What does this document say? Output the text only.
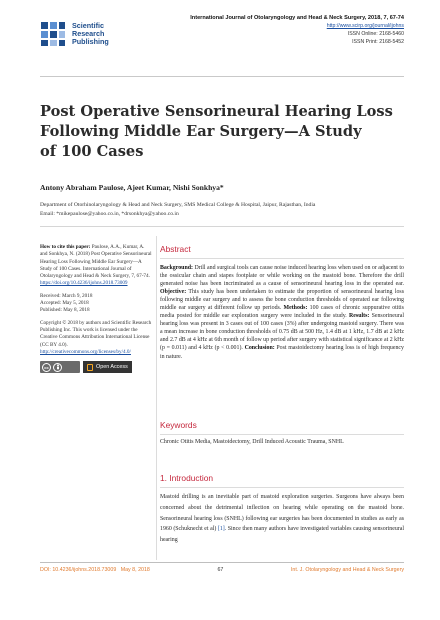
Scientific
Research
Publishing
International Journal of Otolaryngology and Head & Neck Surgery, 2018, 7, 67-74
http://www.scirp.org/journal/ijohns
ISSN Online: 2168-5460
ISSN Print: 2168-5452
Post Operative Sensorineural Hearing Loss
Following Middle Ear Surgery—A Study
of 100 Cases
Antony Abraham Paulose, Ajeet Kumar, Nishi Sonkhya*
Department of Otorhinolaryngology & Head and Neck Surgery, SMS Medical College & Hospital, Jaipur, Rajasthan, India
Email: *mikepaulose@yahoo.co.in, *drsonkhya@yahoo.co.in

How to cite this paper: Paulose, A.A., Kumar, A. and Sonkhya, N. (2018) Post Operative Sensorineural Hearing Loss Following Middle Ear Surgery—A Study of 100 Cases. International Journal of Otolaryngology and Head & Neck Surgery, 7, 67-74. https://doi.org/10.4236/ijohns.2018.73009

Received: March 9, 2018
Accepted: May 5, 2018
Published: May 8, 2018

Copyright © 2018 by authors and Scientific Research Publishing Inc. This work is licensed under the Creative Commons Attribution International License (CC BY 4.0).
http://creativecommons.org/licenses/by/4.0/

cc	Open Access
Abstract
Background: Drill and surgical tools can cause noise induced hearing loss when used on or adjacent to the ossicular chain and stapes footplate or while working on the mastoid bone. Therefore the drill generated noise has been incriminated as a cause of sensorineural hearing loss in the operated ear. Objective: This study has been undertaken to estimate the proportion of sensorineural hearing loss following middle ear surgery and to assess the bone conduction thresholds of operated ear following middle ear surgery at different follow up periods. Methods: 100 cases of chronic suppurative otitis media posted for middle ear exploration surgery were included in the study. Results: Sensorineural hearing loss was present in 3 cases out of 100 cases (3%) after undergoing mastoid surgery. There was a mean increase in bone conduction thresholds of 0.75 dB at 500 Hz, 1.4 dB at 1 kHz, 1.7 dB at 2 kHz and 2.7 dB at 4 kHz at 6th month of follow up period after surgery with statistical significance at 2 kHz (p = 0.011) and 4 kHz (p < 0.001). Conclusion: Post mastoidectomy hearing loss is of high frequency in nature.
Keywords
Chronic Otitis Media, Mastoidectomy, Drill Induced Acoustic Trauma, SNHL
1. Introduction
Mastoid drilling is an inevitable part of mastoid exploration surgeries. Surgeons have always been concerned about the detrimental inflection on hearing while operating on the mastoid bone. Sensorineural hearing loss (SNHL) following ear surgeries has been documented in studies as early as 1960 (Schuknecht et al) [1]. Since then many authors have investigated variables causing sensorineural hearing
DOI: 10.4236/ijohns.2018.73009 May 8, 2018	67	Int. J. Otolaryngology and Head & Neck Surgery
